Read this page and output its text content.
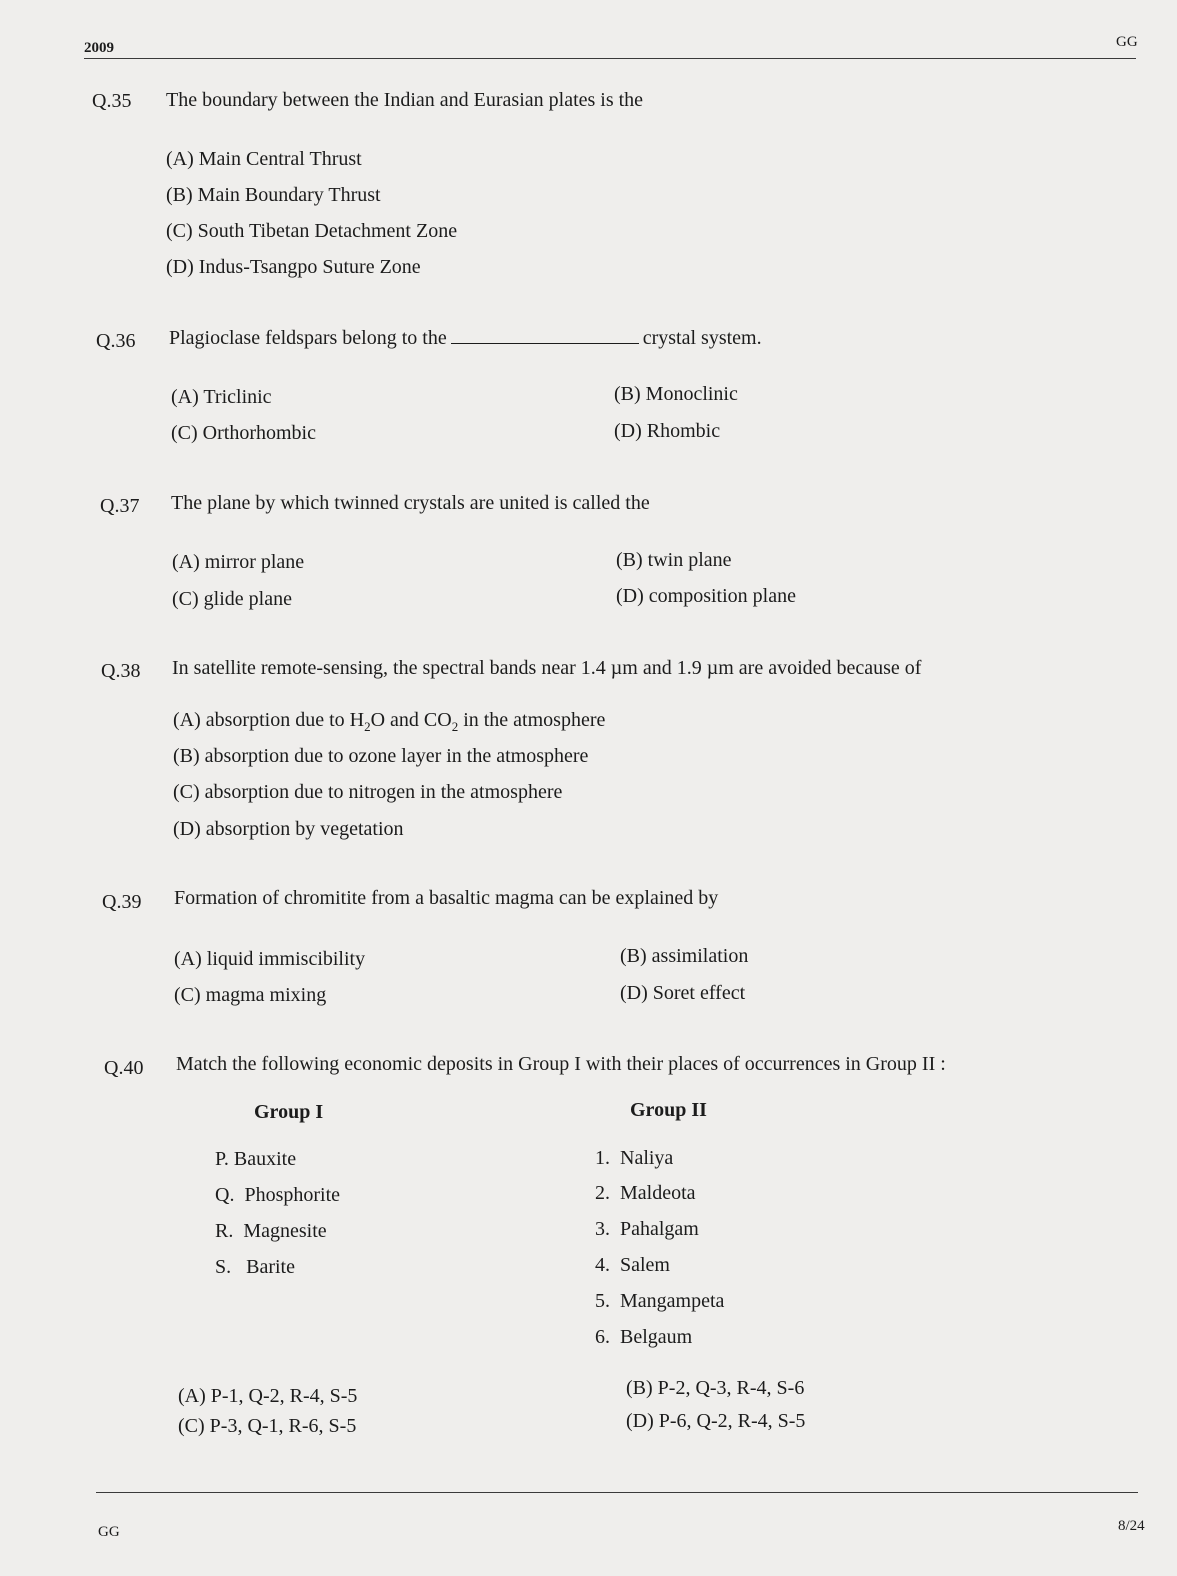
2009	GG
Q.35 The boundary between the Indian and Eurasian plates is the
(A) Main Central Thrust
(B) Main Boundary Thrust
(C) South Tibetan Detachment Zone
(D) Indus-Tsangpo Suture Zone
Q.36 Plagioclase feldspars belong to the	crystal system.
(A) Triclinic	(B) Monoclinic
(C) Orthorhombic	(D) Rhombic
Q.37 The plane by which twinned crystals are united is called the
(A) mirror plane	(B) twin plane
(C) glide plane	(D) composition plane
Q.38 In satellite remote-sensing, the spectral bands near 1.4 µm and 1.9 µm are avoided because of
(A) absorption due to $H_2O$ and $CO_2$ in the atmosphere
(B) absorption due to ozone layer in the atmosphere
(C) absorption due to nitrogen in the atmosphere
(D) absorption by vegetation
Q.39 Formation of chromitite from a basaltic magma can be explained by
(A) liquid immiscibility	(B) assimilation
(C) magma mixing	(D) Soret effect
Q.40 Match the following economic deposits in Group I with their places of occurrences in Group II :
Group I	Group II
P. Bauxite
Q. Phosphorite
R. Magnesite
S. Barite
1. Naliya
2. Maldeota
3. Pahalgam
4. Salem
5. Mangampeta
6. Belgaum
(A) P-1, Q-2, R-4, S-5	(B) P-2, Q-3, R-4, S-6
(C) P-3, Q-1, R-6, S-5	(D) P-6, Q-2, R-4, S-5
GG	8/24
